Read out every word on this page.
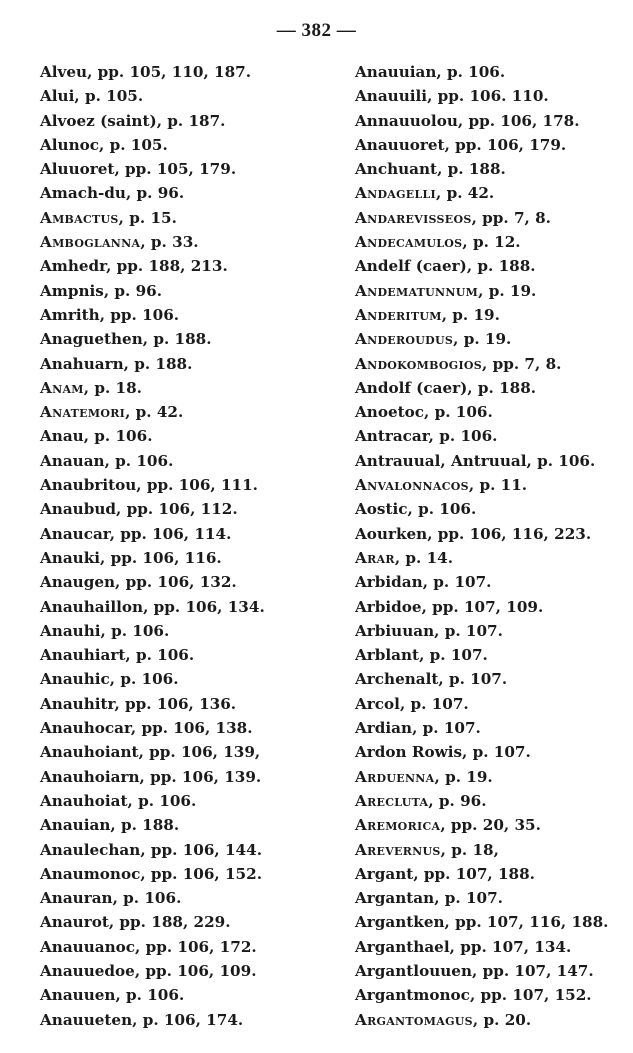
— 382 —
Alveu, pp. 105, 110, 187.
Alui, p. 105.
Alvoez (saint), p. 187.
Alunoc, p. 105.
Aluuoret, pp. 105, 179.
Amach-du, p. 96.
Ambactus, p. 15.
Amboglanna, p. 33.
Amhedr, pp. 188, 213.
Ampnis, p. 96.
Amrith, pp. 106.
Anaguethen, p. 188.
Anahuarn, p. 188.
Anam, p. 18.
Anatemori, p. 42.
Anau, p. 106.
Anauan, p. 106.
Anaubritou, pp. 106, 111.
Anaubud, pp. 106, 112.
Anaucar, pp. 106, 114.
Anauki, pp. 106, 116.
Anaugen, pp. 106, 132.
Anauhaillon, pp. 106, 134.
Anauhi, p. 106.
Anauhiart, p. 106.
Anauhic, p. 106.
Anauhitr, pp. 106, 136.
Anauhocar, pp. 106, 138.
Anauhoiant, pp. 106, 139,
Anauhoiarn, pp. 106, 139.
Anauhoiat, p. 106.
Anauian, p. 188.
Anaulechan, pp. 106, 144.
Anaumonoc, pp. 106, 152.
Anauran, p. 106.
Anaurot, pp. 188, 229.
Anauuanoc, pp. 106, 172.
Anauuedoe, pp. 106, 109.
Anauuen, p. 106.
Anauueten, p. 106, 174.
Anauuian, p. 106.
Anauuili, pp. 106. 110.
Annauuolou, pp. 106, 178.
Anauuoret, pp. 106, 179.
Anchuant, p. 188.
Andagelli, p. 42.
Andarevisseos, pp. 7, 8.
Andecamulos, p. 12.
Andelf (caer), p. 188.
Andematunnum, p. 19.
Anderitum, p. 19.
Anderoudus, p. 19.
Andokombogios, pp. 7, 8.
Andolf (caer), p. 188.
Anoetoc, p. 106.
Antracar, p. 106.
Antrauual, Antruual, p. 106.
Anvalonnacos, p. 11.
Aostic, p. 106.
Aourken, pp. 106, 116, 223.
Arar, p. 14.
Arbidan, p. 107.
Arbidoe, pp. 107, 109.
Arbiuuan, p. 107.
Arblant, p. 107.
Archenalt, p. 107.
Arcol, p. 107.
Ardian, p. 107.
Ardon Rowis, p. 107.
Arduenna, p. 19.
Arecluta, p. 96.
Aremorica, pp. 20, 35.
Arevernus, p. 18,
Argant, pp. 107, 188.
Argantan, p. 107.
Argantken, pp. 107, 116, 188.
Arganthael, pp. 107, 134.
Argantlouuen, pp. 107, 147.
Argantmonoc, pp. 107, 152.
Argantomagus, p. 20.
